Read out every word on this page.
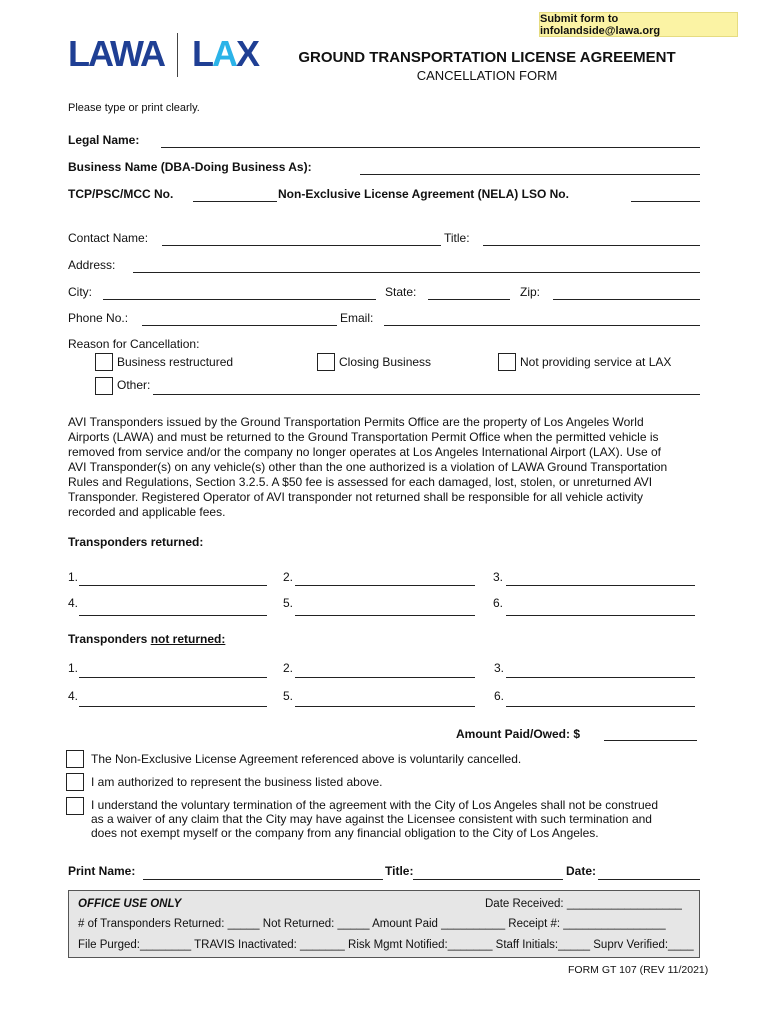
Submit form to infolandside@lawa.org
LAWA LAX	GROUND TRANSPORTATION LICENSE AGREEMENT
CANCELLATION FORM
Please type or print clearly.
Legal Name:
Business Name (DBA-Doing Business As):
TCP/PSC/MCC No.	Non-Exclusive License Agreement (NELA) LSO No.
Contact Name:	Title:
Address:
City:	State:	Zip:
Phone No.:	Email:
Reason for Cancellation:
Business restructured	Closing Business	Not providing service at LAX
Other:
AVI Transponders issued by the Ground Transportation Permits Office are the property of Los Angeles World
Airports (LAWA) and must be returned to the Ground Transportation Permit Office when the permitted vehicle is
removed from service and/or the company no longer operates at Los Angeles International Airport (LAX). Use of
AVI Transponder(s) on any vehicle(s) other than the one authorized is a violation of LAWA Ground Transportation
Rules and Regulations, Section 3.2.5. A $50 fee is assessed for each damaged, lost, stolen, or unreturned AVI
Transponder. Registered Operator of AVI transponder not returned shall be responsible for all vehicle activity
recorded and applicable fees.
Transponders returned:
1.	2.	3.
4.	5.	6.
Transponders not returned:
1.	2.	3.
4.	5.	6.
Amount Paid/Owed: $
The Non-Exclusive License Agreement referenced above is voluntarily cancelled.
I am authorized to represent the business listed above.
I understand the voluntary termination of the agreement with the City of Los Angeles shall not be construed
as a waiver of any claim that the City may have against the Licensee consistent with such termination and
does not exempt myself or the company from any financial obligation to the City of Los Angeles.
Print Name:	Title:	Date:
OFFICE USE ONLY	Date Received: __________________
# of Transponders Returned: _____ Not Returned: _____ Amount Paid __________ Receipt #: ________________
File Purged:________ TRAVIS Inactivated: _______ Risk Mgmt Notified:_______ Staff Initials:_____ Suprv Verified:____
FORM GT 107 (REV 11/2021)
